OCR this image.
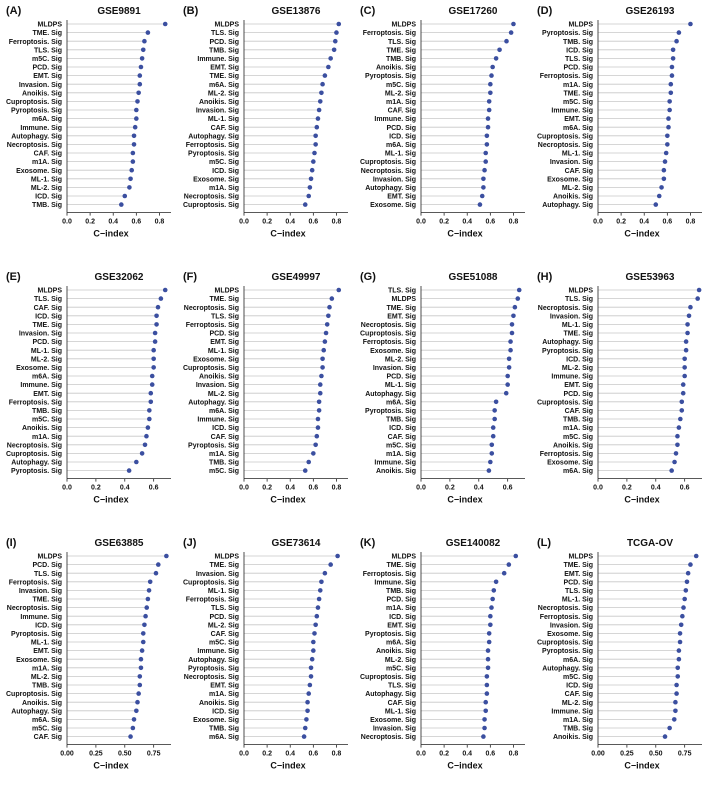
(A)	GSE9891
MLDPS
TME. Sig
Ferroptosis. Sig
TLS. Sig
m5C. Sig
PCD. Sig
EMT. Sig
Invasion. Sig
Anoikis. Sig
Cuproptosis. Sig
Pyroptosis. Sig
m6A. Sig
Immune. Sig
Autophagy. Sig
Necroptosis. Sig
CAF. Sig
m1A. Sig
Exosome. Sig
ML-1. Sig
ML-2. Sig
ICD. Sig
TMB. Sig
0.0 0.2 0.4 0.6 0.8
C−index
(B)	GSE13876
MLDPS
TLS. Sig
PCD. Sig
TMB. Sig
Immune. Sig
EMT. Sig
TME. Sig
m6A. Sig
ML-2. Sig
Anoikis. Sig
Invasion. Sig
ML-1. Sig
CAF. Sig
Autophagy. Sig
Ferroptosis. Sig
Pyroptosis. Sig
m5C. Sig
ICD. Sig
Exosome. Sig
m1A. Sig
Necroptosis. Sig
Cuproptosis. Sig
0.0 0.2 0.4 0.6 0.8
C−index
(C)	GSE17260
MLDPS
Ferroptosis. Sig
TLS. Sig
TME. Sig
TMB. Sig
Anoikis. Sig
Pyroptosis. Sig
m5C. Sig
ML-2. Sig
m1A. Sig
CAF. Sig
Immune. Sig
PCD. Sig
ICD. Sig
m6A. Sig
ML-1. Sig
Cuproptosis. Sig
Necroptosis. Sig
Invasion. Sig
Autophagy. Sig
EMT. Sig
Exosome. Sig
0.0 0.2 0.4 0.6 0.8
C−index
(D)	GSE26193
MLDPS
Pyroptosis. Sig
TMB. Sig
ICD. Sig
TLS. Sig
PCD. Sig
Ferroptosis. Sig
m1A. Sig
TME. Sig
m5C. Sig
Immune. Sig
EMT. Sig
m6A. Sig
Cuproptosis. Sig
Necroptosis. Sig
ML-1. Sig
Invasion. Sig
CAF. Sig
Exosome. Sig
ML-2. Sig
Anoikis. Sig
Autophagy. Sig
0.0 0.2 0.4 0.6 0.8
C−index
(E)	GSE32062
MLDPS
TLS. Sig
CAF. Sig
ICD. Sig
TME. Sig
Invasion. Sig
PCD. Sig
ML-1. Sig
ML-2. Sig
Exosome. Sig
m6A. Sig
Immune. Sig
EMT. Sig
Ferroptosis. Sig
TMB. Sig
m5C. Sig
Anoikis. Sig
m1A. Sig
Necroptosis. Sig
Cuproptosis. Sig
Autophagy. Sig
Pyroptosis. Sig
0.0	0.2	0.4	0.6
C−index
(F)	GSE49997
MLDPS
TME. Sig
Necroptosis. Sig
TLS. Sig
Ferroptosis. Sig
PCD. Sig
EMT. Sig
ML-1. Sig
Exosome. Sig
Cuproptosis. Sig
Anoikis. Sig
Invasion. Sig
ML-2. Sig
Autophagy. Sig
m6A. Sig
Immune. Sig
ICD. Sig
CAF. Sig
Pyroptosis. Sig
m1A. Sig
TMB. Sig
m5C. Sig
0.0 0.2 0.4 0.6 0.8
C−index
(G)	GSE51088
TLS. Sig
MLDPS
TME. Sig
EMT. Sig
Necroptosis. Sig
Cuproptosis. Sig
Ferroptosis. Sig
Exosome. Sig
ML-2. Sig
Invasion. Sig
PCD. Sig
ML-1. Sig
Autophagy. Sig
m6A. Sig
Pyroptosis. Sig
TMB. Sig
ICD. Sig
CAF. Sig
m5C. Sig
m1A. Sig
Immune. Sig
Anoikis. Sig
0.0	0.2	0.4	0.6
C−index
(H)	GSE53963
MLDPS
TLS. Sig
Necroptosis. Sig
Invasion. Sig
ML-1. Sig
TME. Sig
Autophagy. Sig
Pyroptosis. Sig
ICD. Sig
ML-2. Sig
Immune. Sig
EMT. Sig
PCD. Sig
Cuproptosis. Sig
CAF. Sig
TMB. Sig
m1A. Sig
m5C. Sig
Anoikis. Sig
Ferroptosis. Sig
Exosome. Sig
m6A. Sig
0.0	0.2	0.4	0.6
C−index
(I)	GSE63885
MLDPS
PCD. Sig
TLS. Sig
Ferroptosis. Sig
Invasion. Sig
TME. Sig
Necroptosis. Sig
Immune. Sig
ICD. Sig
Pyroptosis. Sig
ML-1. Sig
EMT. Sig
Exosome. Sig
m1A. Sig
ML-2. Sig
TMB. Sig
Cuproptosis. Sig
Anoikis. Sig
Autophagy. Sig
m6A. Sig
m5C. Sig
CAF. Sig
0.00 0.25 0.50 0.75
C−index
(J)	GSE73614
MLDPS
TME. Sig
Invasion. Sig
Cuproptosis. Sig
ML-1. Sig
Ferroptosis. Sig
TLS. Sig
PCD. Sig
ML-2. Sig
CAF. Sig
m5C. Sig
Immune. Sig
Autophagy. Sig
Pyroptosis. Sig
Necroptosis. Sig
EMT. Sig
m1A. Sig
Anoikis. Sig
ICD. Sig
Exosome. Sig
TMB. Sig
m6A. Sig
0.0 0.2 0.4 0.6 0.8
C−index
(K)	GSE140082
MLDPS
TME. Sig
Ferroptosis. Sig
Immune. Sig
TMB. Sig
PCD. Sig
m1A. Sig
ICD. Sig
EMT. Sig
Pyroptosis. Sig
m6A. Sig
Anoikis. Sig
ML-2. Sig
m5C. Sig
Cuproptosis. Sig
TLS. Sig
Autophagy. Sig
CAF. Sig
ML-1. Sig
Exosome. Sig
Invasion. Sig
Necroptosis. Sig
0.0 0.2 0.4 0.6 0.8
C−index
(L)	TCGA-OV
MLDPS
TME. Sig
EMT. Sig
PCD. Sig
TLS. Sig
ML-1. Sig
Necroptosis. Sig
Ferroptosis. Sig
Invasion. Sig
Exosome. Sig
Cuproptosis. Sig
Pyroptosis. Sig
m6A. Sig
Autophagy. Sig
m5C. Sig
ICD. Sig
CAF. Sig
ML-2. Sig
Immune. Sig
m1A. Sig
TMB. Sig
Anoikis. Sig
0.00 0.25 0.50 0.75
C−index
